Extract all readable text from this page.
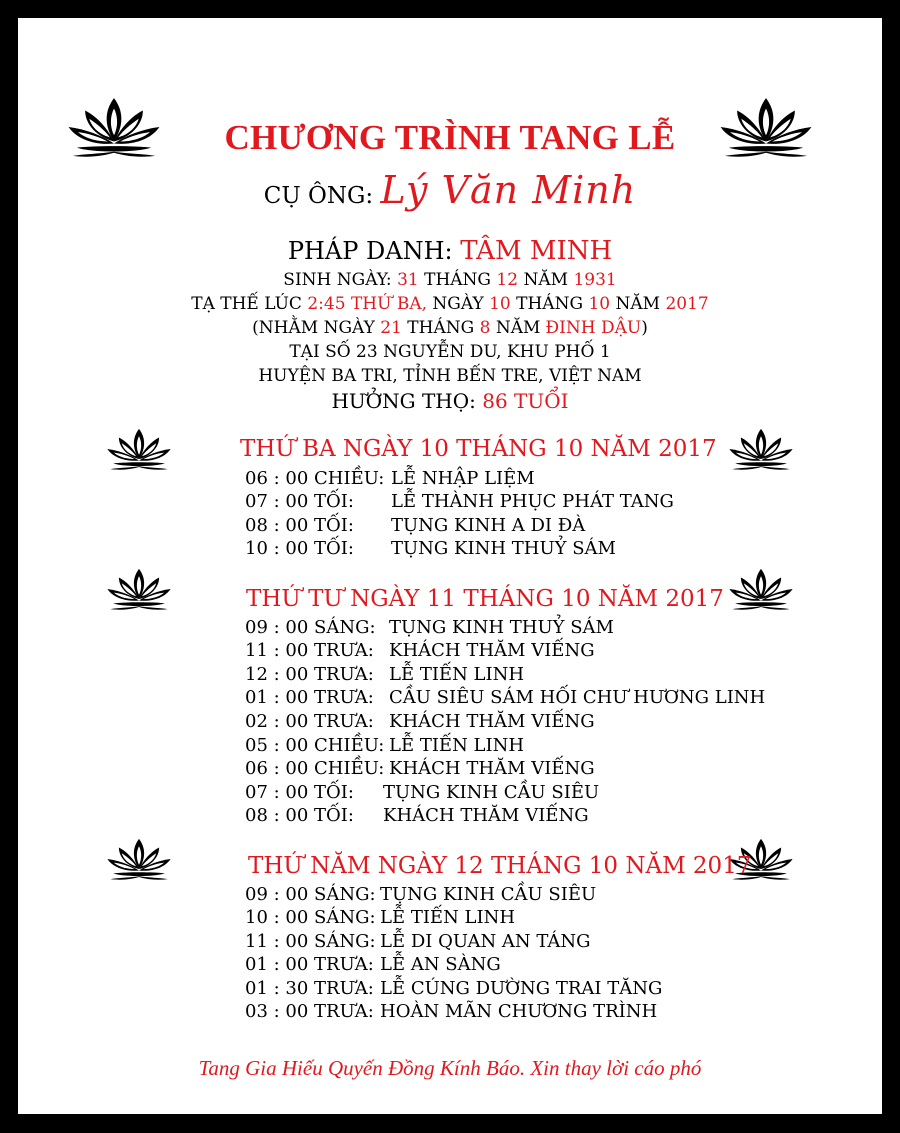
CHƯƠNG TRÌNH TANG LỄ
CỤ ÔNG: Lý Văn Minh
PHÁP DANH: TÂM MINH
SINH NGÀY: 31 THÁNG 12 NĂM 1931
TẠ THẾ LÚC 2:45 THỨ BA, NGÀY 10 THÁNG 10 NĂM 2017
(NHẰM NGÀY 21 THÁNG 8 NĂM ĐINH DẬU)
TẠI SỐ 23 NGUYỄN DU, KHU PHỐ 1
HUYỆN BA TRI, TỈNH BẾN TRE, VIỆT NAM
HƯỞNG THỌ: 86 TUỔI
THỨ BA NGÀY 10 THÁNG 10 NĂM 2017
06 : 00 CHIỀU: LỄ NHẬP LIỆM
07 : 00 TỐI: LỄ THÀNH PHỤC PHÁT TANG
08 : 00 TỐI: TỤNG KINH A DI ĐÀ
10 : 00 TỐI: TỤNG KINH THUỶ SÁM
THỨ TƯ NGÀY 11 THÁNG 10 NĂM 2017
09 : 00 SÁNG: TỤNG KINH THUỶ SÁM
11 : 00 TRƯA: KHÁCH THĂM VIẾNG
12 : 00 TRƯA: LỄ TIẾN LINH
01 : 00 TRƯA: CẦU SIÊU SÁM HỐI CHƯ HƯƠNG LINH
02 : 00 TRƯA: KHÁCH THĂM VIẾNG
05 : 00 CHIỀU: LỄ TIẾN LINH
06 : 00 CHIỀU: KHÁCH THĂM VIẾNG
07 : 00 TỐI: TỤNG KINH CẦU SIÊU
08 : 00 TỐI: KHÁCH THĂM VIẾNG
THỨ NĂM NGÀY 12 THÁNG 10 NĂM 2017
09 : 00 SÁNG: TỤNG KINH CẦU SIÊU
10 : 00 SÁNG: LỄ TIẾN LINH
11 : 00 SÁNG: LỄ DI QUAN AN TÁNG
01 : 00 TRƯA: LỄ AN SÀNG
01 : 30 TRƯA: LỄ CÚNG DƯỜNG TRAI TĂNG
03 : 00 TRƯA: HOÀN MÃN CHƯƠNG TRÌNH
Tang Gia Hiếu Quyến Đồng Kính Báo. Xin thay lời cáo phó
